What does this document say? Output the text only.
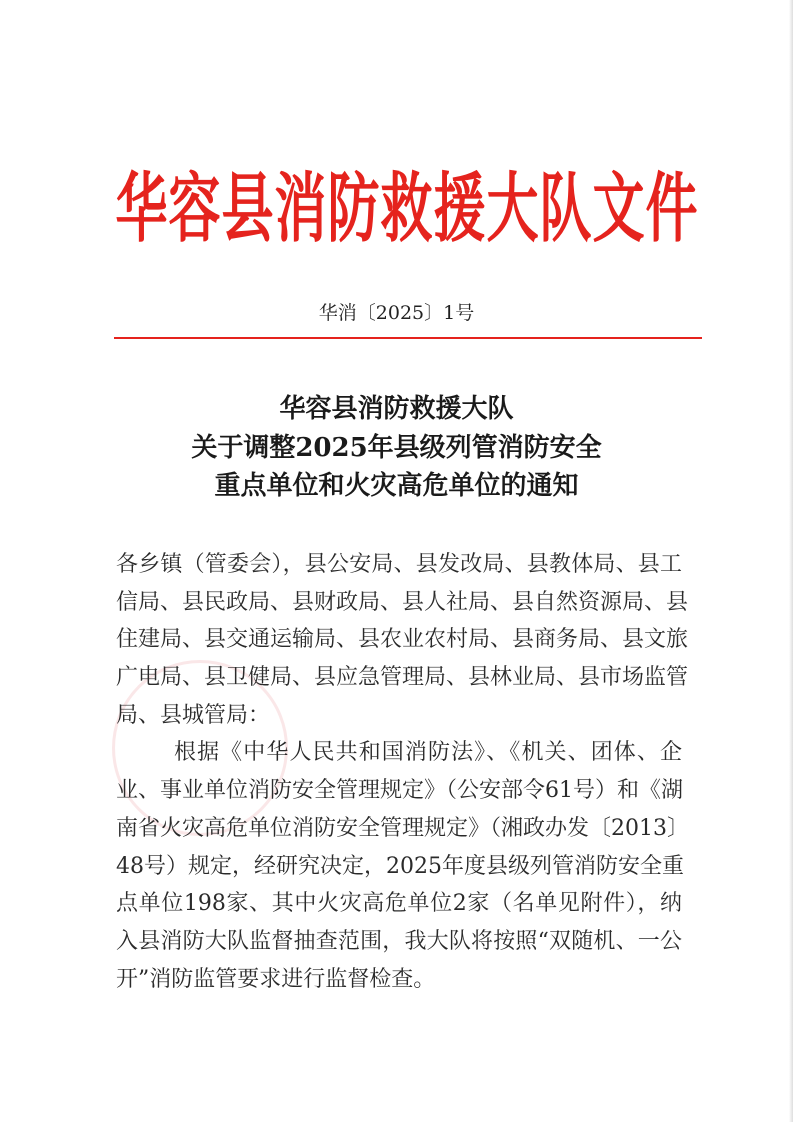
华容县消防救援大队文件
华消〔2025〕1号
华容县消防救援大队
关于调整2025年县级列管消防安全
重点单位和火灾高危单位的通知
各乡镇（管委会），县公安局、县发改局、县教体局、县工
信局、县民政局、县财政局、县人社局、县自然资源局、县
住建局、县交通运输局、县农业农村局、县商务局、县文旅
广电局、县卫健局、县应急管理局、县林业局、县市场监管
局、县城管局：
根据《中华人民共和国消防法》、《机关、团体、企
业、事业单位消防安全管理规定》（公安部令61号）和《湖
南省火灾高危单位消防安全管理规定》（湘政办发〔2013〕
48号）规定，经研究决定，2025年度县级列管消防安全重
点单位198家、其中火灾高危单位2家（名单见附件），纳
入县消防大队监督抽查范围，我大队将按照“双随机、一公
开”消防监管要求进行监督检查。
